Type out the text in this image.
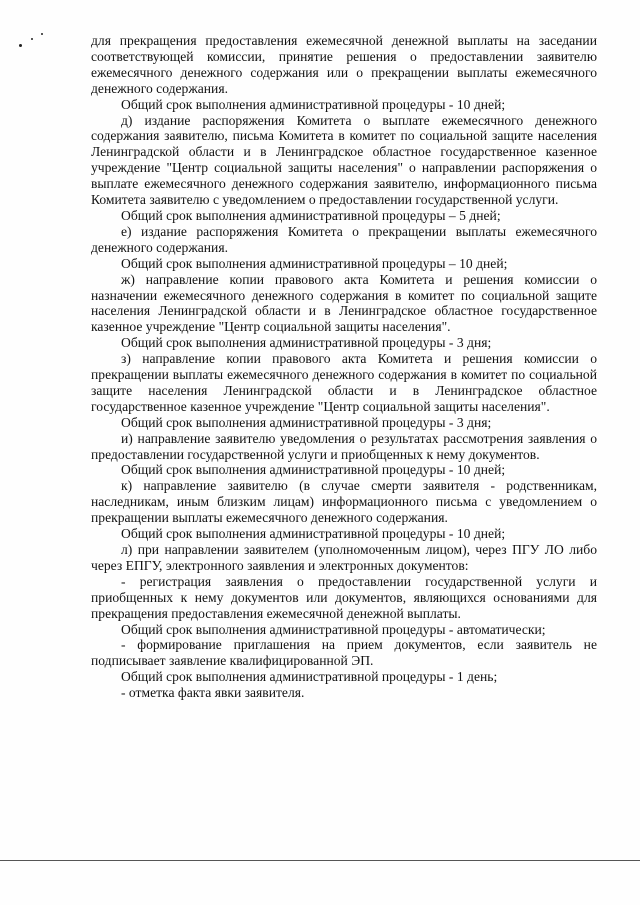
для прекращения предоставления ежемесячной денежной выплаты на заседании соответствующей комиссии, принятие решения о предоставлении заявителю ежемесячного денежного содержания или о прекращении выплаты ежемесячного денежного содержания.

Общий срок выполнения административной процедуры - 10 дней;

д) издание распоряжения Комитета о выплате ежемесячного денежного содержания заявителю, письма Комитета в комитет по социальной защите населения Ленинградской области и в Ленинградское областное государственное казенное учреждение "Центр социальной защиты населения" о направлении распоряжения о выплате ежемесячного денежного содержания заявителю, информационного письма Комитета заявителю с уведомлением о предоставлении государственной услуги.

Общий срок выполнения административной процедуры – 5 дней;

е) издание распоряжения Комитета о прекращении выплаты ежемесячного денежного содержания.

Общий срок выполнения административной процедуры – 10 дней;

ж) направление копии правового акта Комитета и решения комиссии о назначении ежемесячного денежного содержания в комитет по социальной защите населения Ленинградской области и в Ленинградское областное государственное казенное учреждение "Центр социальной защиты населения".

Общий срок выполнения административной процедуры - 3 дня;

з) направление копии правового акта Комитета и решения комиссии о прекращении выплаты ежемесячного денежного содержания в комитет по социальной защите населения Ленинградской области и в Ленинградское областное государственное казенное учреждение "Центр социальной защиты населения".

Общий срок выполнения административной процедуры - 3 дня;

и) направление заявителю уведомления о результатах рассмотрения заявления о предоставлении государственной услуги и приобщенных к нему документов.

Общий срок выполнения административной процедуры - 10 дней;

к) направление заявителю (в случае смерти заявителя - родственникам, наследникам, иным близким лицам) информационного письма с уведомлением о прекращении выплаты ежемесячного денежного содержания.

Общий срок выполнения административной процедуры - 10 дней;

л) при направлении заявителем (уполномоченным лицом), через ПГУ ЛО либо через ЕПГУ, электронного заявления и электронных документов:

- регистрация заявления о предоставлении государственной услуги и приобщенных к нему документов или документов, являющихся основаниями для прекращения предоставления ежемесячной денежной выплаты.

Общий срок выполнения административной процедуры - автоматически;

- формирование приглашения на прием документов, если заявитель не подписывает заявление квалифицированной ЭП.

Общий срок выполнения административной процедуры - 1 день;

- отметка факта явки заявителя.
